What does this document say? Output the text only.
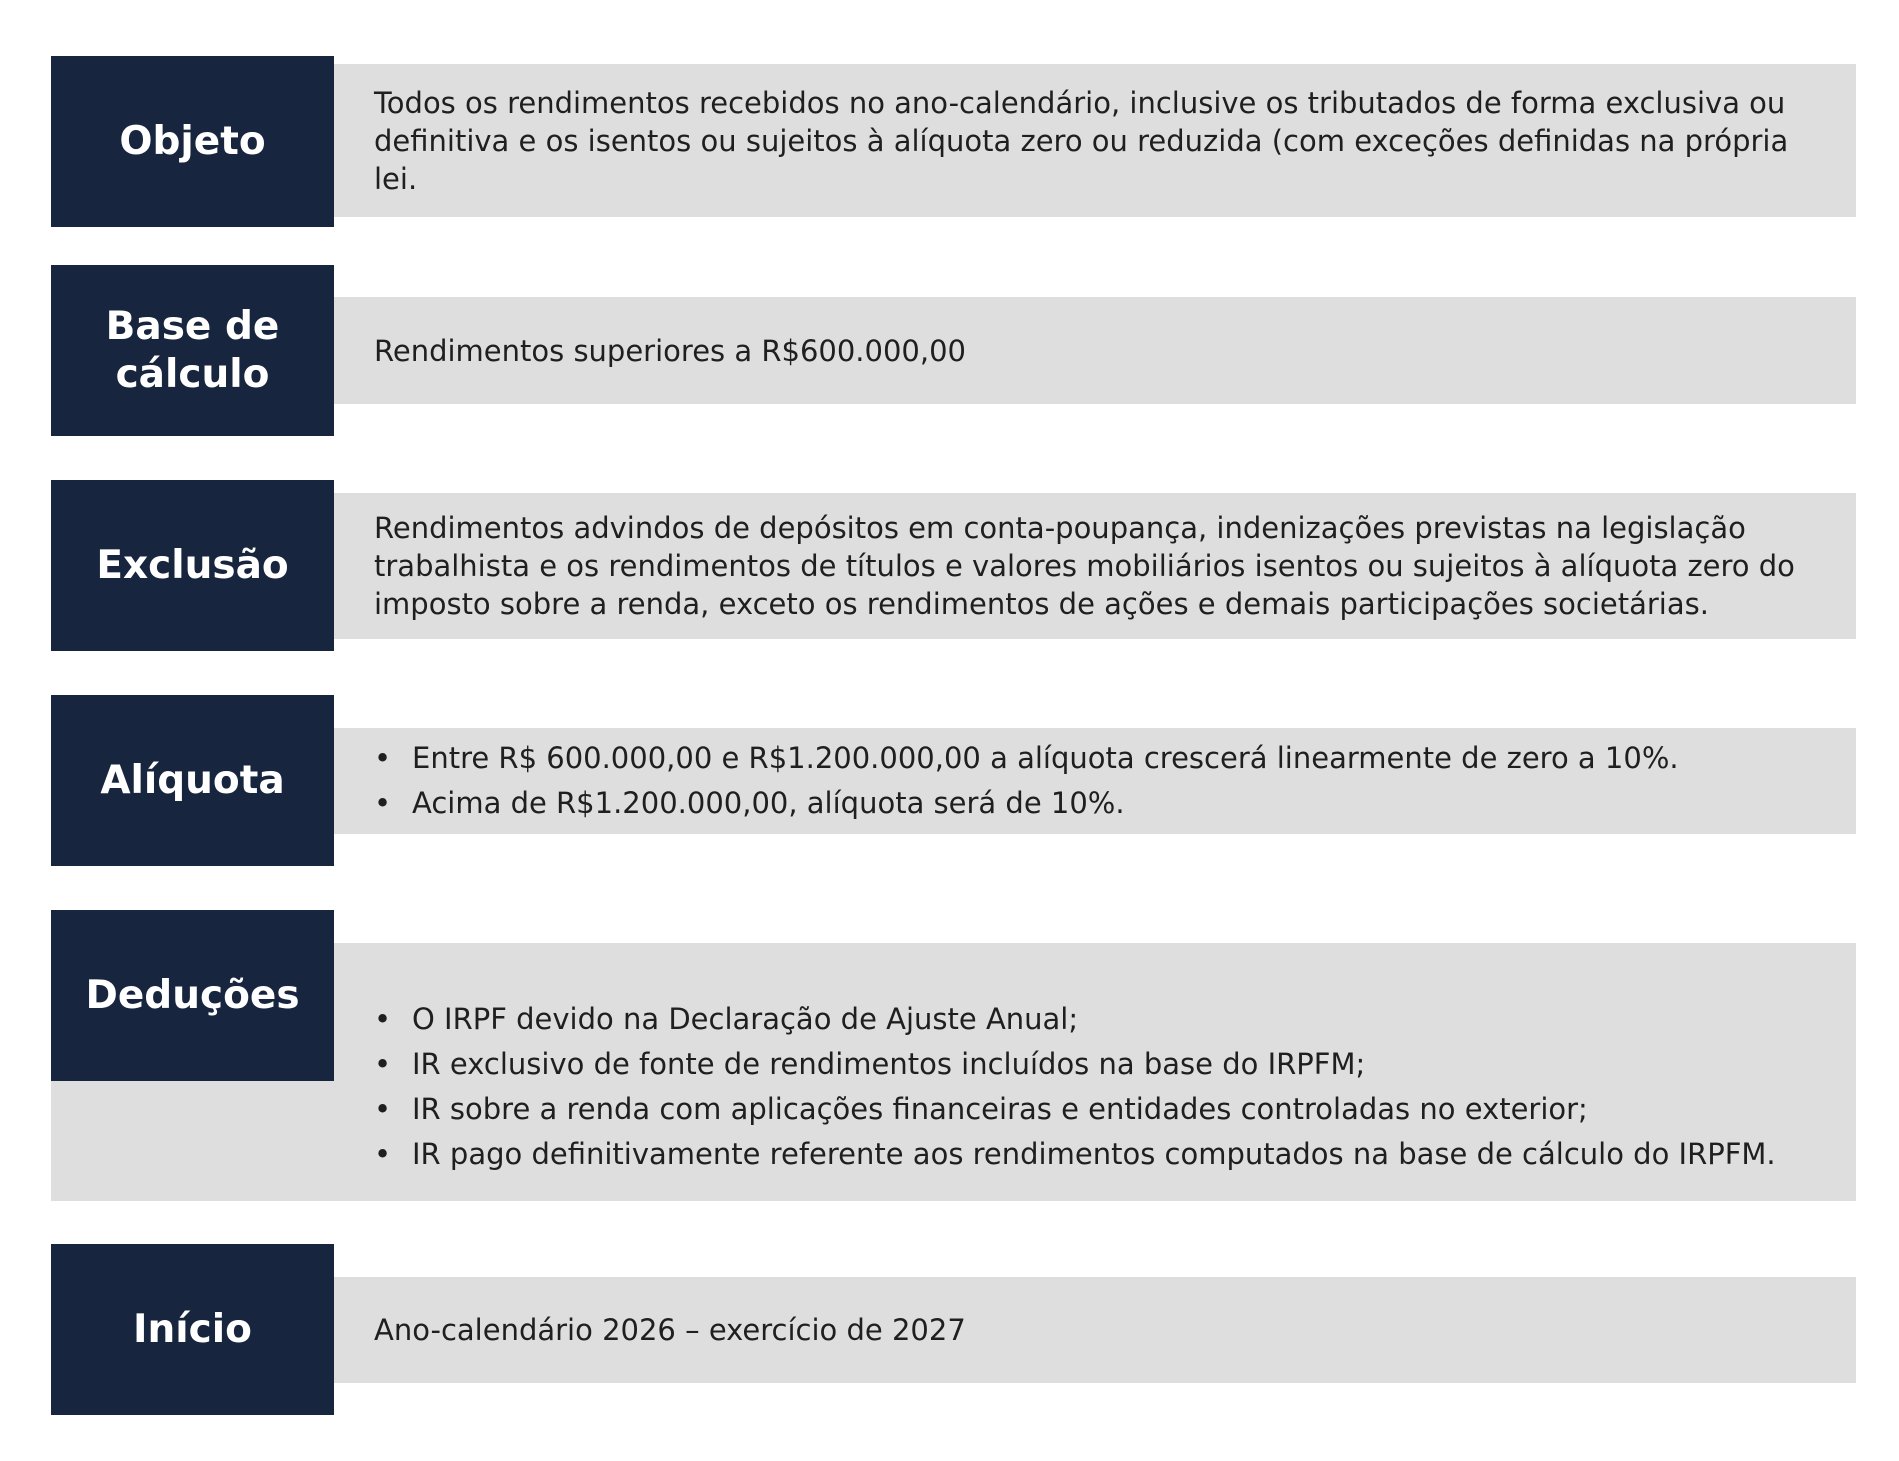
Objeto

Todos os rendimentos recebidos no ano-calendário, inclusive os tributados de forma exclusiva ou definitiva e os isentos ou sujeitos à alíquota zero ou reduzida (com exceções definidas na própria lei.

Base de cálculo

Rendimentos superiores a R$600.000,00

Exclusão

Rendimentos advindos de depósitos em conta-poupança, indenizações previstas na legislação trabalhista e os rendimentos de títulos e valores mobiliários isentos ou sujeitos à alíquota zero do imposto sobre a renda, exceto os rendimentos de ações e demais participações societárias.

Alíquota
•	Entre R$ 600.000,00 e R$1.200.000,00 a alíquota crescerá linearmente de zero a 10%.
• Acima de R$1.200.000,00, alíquota será de 10%.
Deduções
• O IRPF devido na Declaração de Ajuste Anual;
• IR exclusivo de fonte de rendimentos incluídos na base do IRPFM;
• IR sobre a renda com aplicações financeiras e entidades controladas no exterior;
• IR pago definitivamente referente aos rendimentos computados na base de cálculo do IRPFM.
Início	Ano-calendário 2026 – exercício de 2027
